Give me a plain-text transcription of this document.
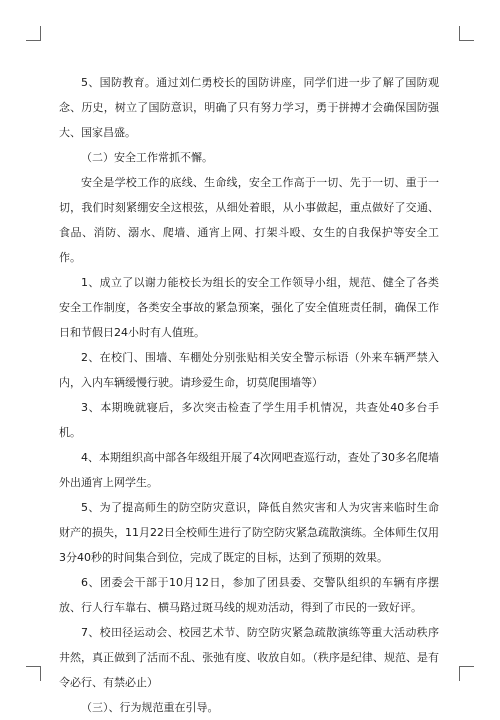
5、国防教育。通过刘仁勇校长的国防讲座，同学们进一步了解了国防观念、历史，树立了国防意识，明确了只有努力学习，勇于拼搏才会确保国防强大、国家昌盛。

（二）安全工作常抓不懈。

安全是学校工作的底线、生命线，安全工作高于一切、先于一切、重于一切，我们时刻紧绷安全这根弦，从细处着眼，从小事做起，重点做好了交通、食品、消防、溺水、爬墙、通宵上网、打架斗殴、女生的自我保护等安全工作。

1、成立了以谢力能校长为组长的安全工作领导小组，规范、健全了各类安全工作制度，各类安全事故的紧急预案，强化了安全值班责任制，确保工作日和节假日24小时有人值班。

2、在校门、围墙、车棚处分别张贴相关安全警示标语（外来车辆严禁入内，入内车辆缓慢行驶。请珍爱生命，切莫爬围墙等）

3、本期晚就寝后，多次突击检查了学生用手机情况，共查处40多台手机。

4、本期组织高中部各年级组开展了4次网吧查巡行动，查处了30多名爬墙外出通宵上网学生。

5、为了提高师生的防空防灾意识，降低自然灾害和人为灾害来临时生命财产的损失，11月22日全校师生进行了防空防灾紧急疏散演练。全体师生仅用3分40秒的时间集合到位，完成了既定的目标，达到了预期的效果。

6、团委会干部于10月12日，参加了团县委、交警队组织的车辆有序摆放、行人行车靠右、横马路过斑马线的规劝活动，得到了市民的一致好评。

7、校田径运动会、校园艺术节、防空防灾紧急疏散演练等重大活动秩序井然，真正做到了活而不乱、张弛有度、收放自如。（秩序是纪律、规范、是有令必行、有禁必止）

（三）、行为规范重在引导。
